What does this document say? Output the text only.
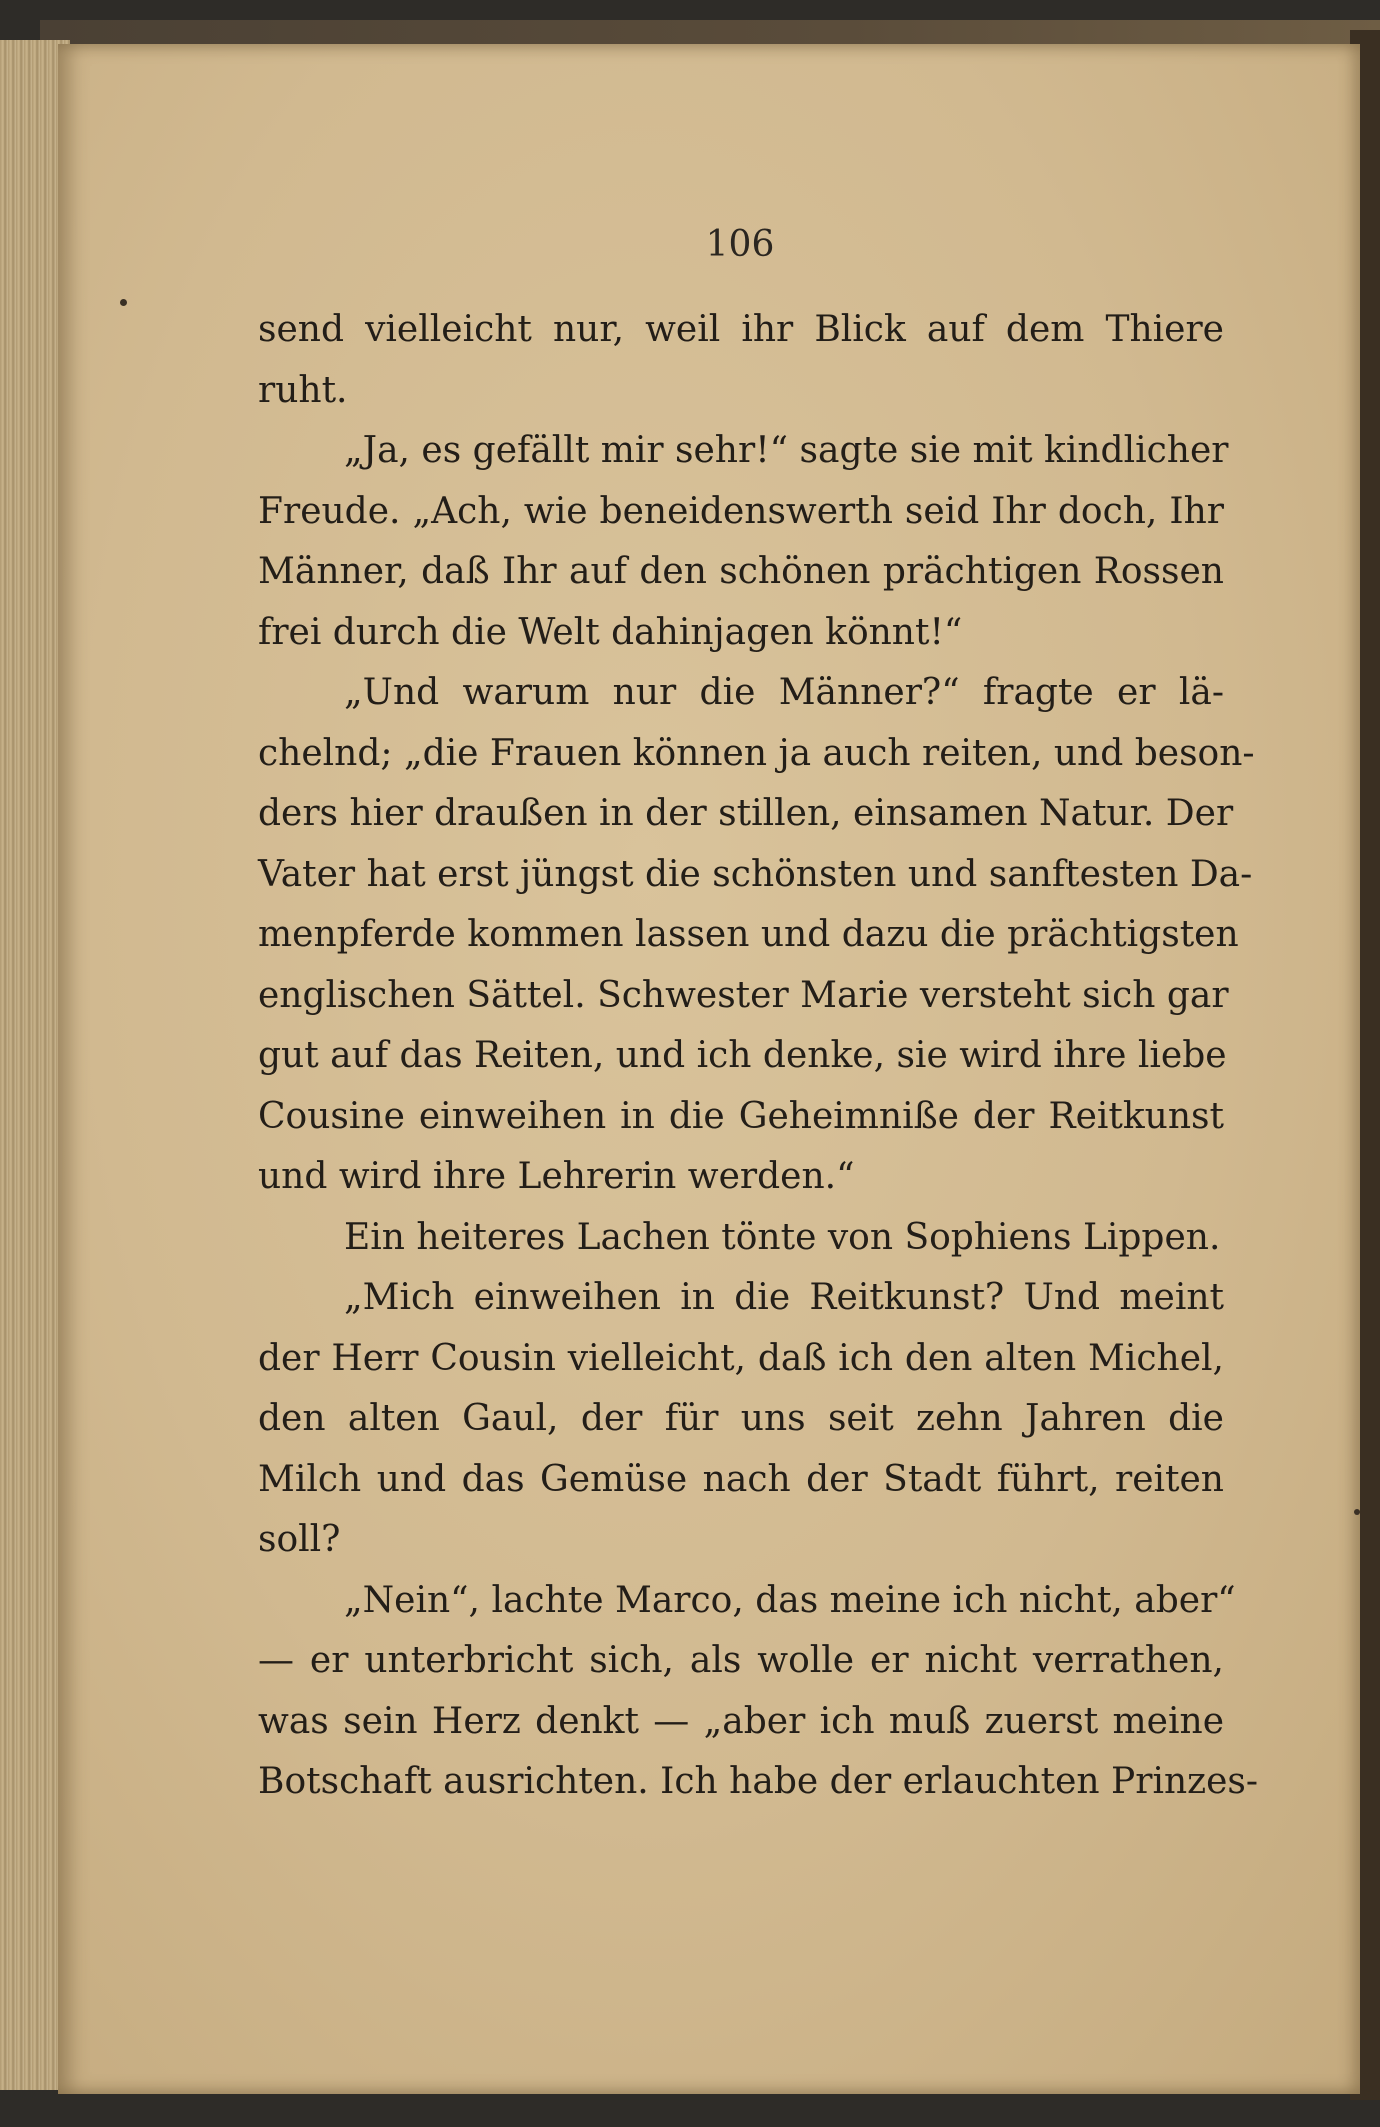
106
send vielleicht nur, weil ihr Blick auf dem Thiere
ruht.
„Ja, es gefällt mir sehr!“ sagte sie mit kindlicher
Freude. „Ach, wie beneidenswerth seid Ihr doch, Ihr
Männer, daß Ihr auf den schönen prächtigen Rossen
frei durch die Welt dahinjagen könnt!“
„Und warum nur die Männer?“ fragte er lä-
chelnd; „die Frauen können ja auch reiten, und beson-
ders hier draußen in der stillen, einsamen Natur. Der
Vater hat erst jüngst die schönsten und sanftesten Da-
menpferde kommen lassen und dazu die prächtigsten
englischen Sättel. Schwester Marie versteht sich gar
gut auf das Reiten, und ich denke, sie wird ihre liebe
Cousine einweihen in die Geheimniße der Reitkunst
und wird ihre Lehrerin werden.“
Ein heiteres Lachen tönte von Sophiens Lippen.
„Mich einweihen in die Reitkunst? Und meint
der Herr Cousin vielleicht, daß ich den alten Michel,
den alten Gaul, der für uns seit zehn Jahren die
Milch und das Gemüse nach der Stadt führt, reiten
soll?
„Nein“, lachte Marco, das meine ich nicht, aber“
— er unterbricht sich, als wolle er nicht verrathen,
was sein Herz denkt — „aber ich muß zuerst meine
Botschaft ausrichten. Ich habe der erlauchten Prinzes-
